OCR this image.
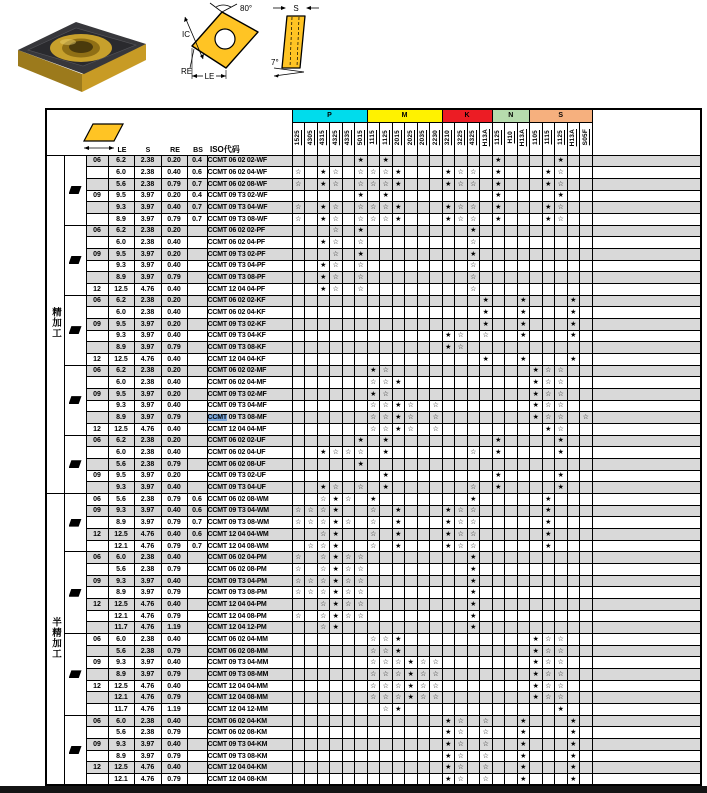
80°
IC
RE
LE
S
7°
LE S RE BS ISO代码								P						M						K				N			S					
								1525	4305	4315	4325	4335	5015	1115	1125	2015	2025	2035	2230	3210	3225	4325	H13A	1125	H10	H13A	1105	1115	1125	H13A	S05F	
精加工		06	6.2	2.38	0.20	0.4	CCMT 06 02 02-WF						★		★									★					★			
			6.0	2.38	0.40	0.6	CCMT 06 02 04-WF	☆		★	☆		☆	☆	☆	★				★	☆	☆		★				★	☆			
			5.6	2.38	0.79	0.7	CCMT 06 02 08-WF	☆		★	☆		☆	☆	☆	★				★	☆	☆		★				★	☆			
		09	9.5	3.97	0.20	0.4	CCMT 09 T3 02-WF						★		★									★					★			
			9.3	3.97	0.40	0.7	CCMT 09 T3 04-WF	☆		★	☆		☆	☆	☆	★				★	☆	☆		★				★	☆			
			8.9	3.97	0.79	0.7	CCMT 09 T3 08-WF	☆		★	☆		☆	☆	☆	★				★	☆	☆		★				★	☆			

		06	6.2	2.38	0.20		CCMT 06 02 02-PF				☆		★									★										
			6.0	2.38	0.40		CCMT 06 02 04-PF			★	☆		☆									☆										
		09	9.5	3.97	0.20		CCMT 09 T3 02-PF				☆		★									★										
			9.3	3.97	0.40		CCMT 09 T3 04-PF			★	☆		☆									☆										
			8.9	3.97	0.79		CCMT 09 T3 08-PF			★	☆		☆									☆										
		12	12.5	4.76	0.40		CCMT 12 04 04-PF			★	☆		☆									☆										

		06	6.2	2.38	0.20		CCMT 06 02 02-KF																★			★				★		
			6.0	2.38	0.40		CCMT 06 02 04-KF																★			★				★		
		09	9.5	3.97	0.20		CCMT 09 T3 02-KF																★			★				★		
			9.3	3.97	0.40		CCMT 09 T3 04-KF													★	☆		☆			★				★		
			8.9	3.97	0.79		CCMT 09 T3 08-KF													★	☆											
		12	12.5	4.76	0.40		CCMT 12 04 04-KF																★			★				★		

		06	6.2	2.38	0.20		CCMT 06 02 02-MF							★	☆												★	☆	☆			
			6.0	2.38	0.40		CCMT 06 02 04-MF							☆	☆	★											★	☆	☆			
		09	9.5	3.97	0.20		CCMT 09 T3 02-MF							★	☆												★	☆	☆			
			9.3	3.97	0.40		CCMT 09 T3 04-MF							☆	☆	★	☆		☆								★	☆	☆			
			8.9	3.97	0.79		CCMT 09 T3 08-MF							☆	☆	★	☆		☆								★	☆	☆		☆	
		12	12.5	4.76	0.40		CCMT 12 04 04-MF							☆	☆	★	☆		☆									★	☆			

		06	6.2	2.38	0.20		CCMT 06 02 02-UF						★		★									★					★			
			6.0	2.38	0.40		CCMT 06 02 04-UF			★	☆	☆	☆		★							☆		★					★			
			5.6	2.38	0.79		CCMT 06 02 08-UF						★																			
		09	9.5	3.97	0.20		CCMT 09 T3 02-UF								★									★					★			
			9.3	3.97	0.40		CCMT 09 T3 04-UF			★	☆		☆		★							☆		★					★			
半精加工		06	5.6	2.38	0.79	0.6	CCMT 06 02 08-WM			☆	★	☆		★								★						★				
		09	9.3	3.97	0.40	0.6	CCMT 09 T3 04-WM	☆	☆	☆	★			☆		★				★	☆	☆						★				
			8.9	3.97	0.79	0.7	CCMT 09 T3 08-WM	☆	☆	☆	★	☆		☆		★				★	☆	☆						★				
		12	12.5	4.76	0.40	0.6	CCMT 12 04 04-WM			☆	★			☆		★				★	☆	☆						★				
			12.1	4.76	0.79	0.7	CCMT 12 04 08-WM		☆	☆	★			☆		★				★	☆	☆						★				

		06	6.0	2.38	0.40		CCMT 06 02 04-PM	☆		☆	★	☆	☆									★										
			5.6	2.38	0.79		CCMT 06 02 08-PM	☆		☆	★	☆	☆									★										
		09	9.3	3.97	0.40		CCMT 09 T3 04-PM	☆	☆	☆	★	☆	☆									★										
			8.9	3.97	0.79		CCMT 09 T3 08-PM	☆	☆	☆	★	☆	☆									★										
		12	12.5	4.76	0.40		CCMT 12 04 04-PM			☆	★	☆	☆									★										
			12.1	4.76	0.79		CCMT 12 04 08-PM	☆		☆	★	☆	☆									★										
			11.7	4.76	1.19		CCMT 12 04 12-PM			☆	★											★										

		06	6.0	2.38	0.40		CCMT 06 02 04-MM							☆	☆	★											★	☆	☆			
			5.6	2.38	0.79		CCMT 06 02 08-MM							☆	☆	★											★	☆	☆			
		09	9.3	3.97	0.40		CCMT 09 T3 04-MM							☆	☆	☆	★	☆	☆								★	☆	☆			
			8.9	3.97	0.79		CCMT 09 T3 08-MM							☆	☆	☆	★	☆	☆								★	☆	☆			
		12	12.5	4.76	0.40		CCMT 12 04 04-MM							☆	☆	☆	★	☆	☆								★	☆	☆			
			12.1	4.76	0.79		CCMT 12 04 08-MM							☆	☆	☆	★	☆	☆								★	☆	☆			
			11.7	4.76	1.19		CCMT 12 04 12-MM								☆	★													★			

		06	6.0	2.38	0.40		CCMT 06 02 04-KM													★	☆		☆			★				★		
			5.6	2.38	0.79		CCMT 06 02 08-KM													★	☆		☆			★				★		
		09	9.3	3.97	0.40		CCMT 09 T3 04-KM													★	☆		☆			★				★		
			8.9	3.97	0.79		CCMT 09 T3 08-KM													★	☆		☆			★				★		
		12	12.5	4.76	0.40		CCMT 12 04 04-KM													★	☆		☆			★				★		
			12.1	4.76	0.79		CCMT 12 04 08-KM													★	☆		☆			★				★		
